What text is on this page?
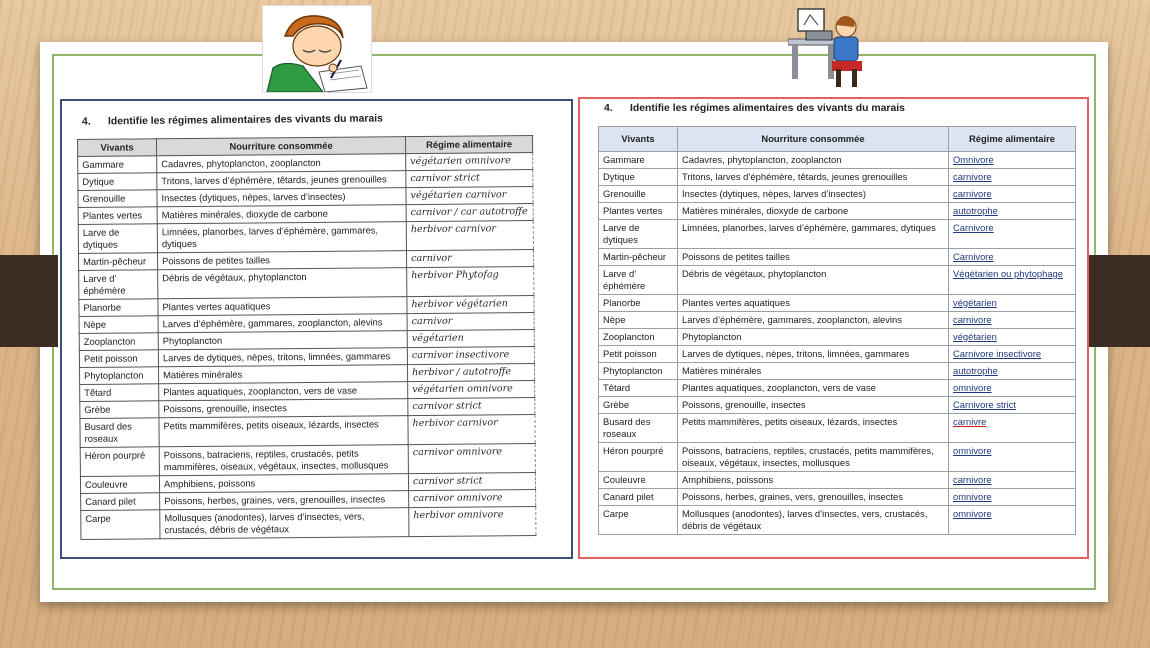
4. Identifie les régimes alimentaires des vivants du marais
Vivants	Nourriture consommée	Régime alimentaire
Gammare	Cadavres, phytoplancton, zooplancton	végétarien omnivore
Dytique	Tritons, larves d’éphémère, têtards, jeunes grenouilles	carnivor strict
Grenouille	Insectes (dytiques, nèpes, larves d’insectes)	végétarien carnivor
Plantes vertes	Matières minérales, dioxyde de carbone	carnivor / car autotroffe
Larve de dytiques	Limnées, planorbes, larves d’éphémère, gammares, dytiques	herbivor carnivor
Martin-pêcheur	Poissons de petites tailles	carnivor
Larve d’ éphémère	Débris de végétaux, phytoplancton	herbivor Phytofag
Planorbe	Plantes vertes aquatiques	herbivor végétarien
Nèpe	Larves d’éphémère, gammares, zooplancton, alevins	carnivor
Zooplancton	Phytoplancton	végétarien
Petit poisson	Larves de dytiques, nèpes, tritons, limnées, gammares	carnivor insectivore
Phytoplancton	Matières minérales	herbivor / autotroffe
Têtard	Plantes aquatiques, zooplancton, vers de vase	végétarien omnivore
Grèbe	Poissons, grenouille, insectes	carnivor strict
Busard des roseaux	Petits mammifères, petits oiseaux, lézards, insectes	herbivor carnivor
Héron pourpré	Poissons, batraciens, reptiles, crustacés, petits mammifères, oiseaux, végétaux, insectes, mollusques	carnivor omnivore
Couleuvre	Amphibiens, poissons	carnivor strict
Canard pilet	Poissons, herbes, graines, vers, grenouilles, insectes	carnivor omnivore
Carpe	Mollusques (anodontes), larves d’insectes, vers, crustacés, débris de végétaux	herbivor omnivore
4. Identifie les régimes alimentaires des vivants du marais
Vivants	Nourriture consommée	Régime alimentaire
Gammare	Cadavres, phytoplancton, zooplancton	Omnivore
Dytique	Tritons, larves d’éphémère, têtards, jeunes grenouilles	carnivore
Grenouille	Insectes (dytiques, nèpes, larves d’insectes)	carnivore
Plantes vertes	Matières minérales, dioxyde de carbone	autotrophe
Larve de dytiques	Limnées, planorbes, larves d’éphémère, gammares, dytiques	Carnivore
Martin-pêcheur	Poissons de petites tailles	Carnivore
Larve d’ éphémère	Débris de végétaux, phytoplancton	Végétarien ou phytophage
Planorbe	Plantes vertes aquatiques	végétarien
Nèpe	Larves d’éphémère, gammares, zooplancton, alevins	carnivore
Zooplancton	Phytoplancton	végétarien
Petit poisson	Larves de dytiques, nèpes, tritons, limnées, gammares	Carnivore insectivore
Phytoplancton	Matières minérales	autotrophe
Têtard	Plantes aquatiques, zooplancton, vers de vase	omnivore
Grèbe	Poissons, grenouille, insectes	Carnivore strict
Busard des roseaux	Petits mammifères, petits oiseaux, lézards, insectes	carnivre
Héron pourpré	Poissons, batraciens, reptiles, crustacés, petits mammifères, oiseaux, végétaux, insectes, mollusques	omnivore
Couleuvre	Amphibiens, poissons	carnivore
Canard pilet	Poissons, herbes, graines, vers, grenouilles, insectes	omnivore
Carpe	Mollusques (anodontes), larves d’insectes, vers, crustacés, débris de végétaux	omnivore
